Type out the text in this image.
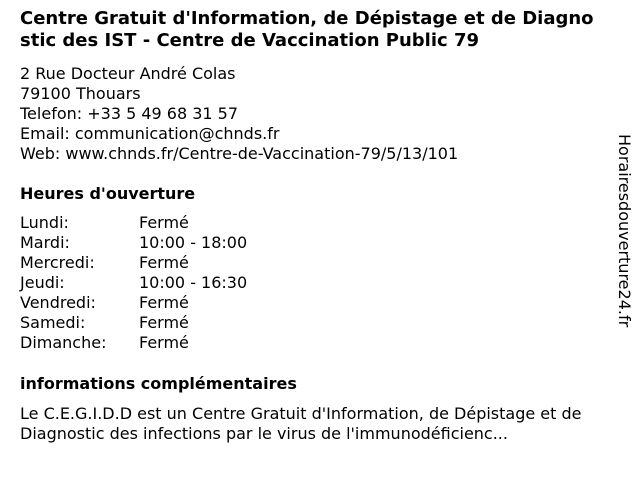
Centre Gratuit d'Information, de Dépistage et de Diagnostic des IST - Centre de Vaccination Public 79
2 Rue Docteur André Colas
79100 Thouars
Telefon: +33 5 49 68 31 57
Email: communication@chnds.fr
Web: www.chnds.fr/Centre-de-Vaccination-79/5/13/101
Heures d'ouverture
Lundi:	Fermé
Mardi:	10:00 - 18:00
Mercredi:	Fermé
Jeudi:	10:00 - 16:30
Vendredi:	Fermé
Samedi:	Fermé
Dimanche: Fermé
informations complémentaires
Le C.E.G.I.D.D est un Centre Gratuit d'Information, de Dépistage et de Diagnostic des infections par le virus de l'immunodéficienc...
Horairesdouverture24.fr
